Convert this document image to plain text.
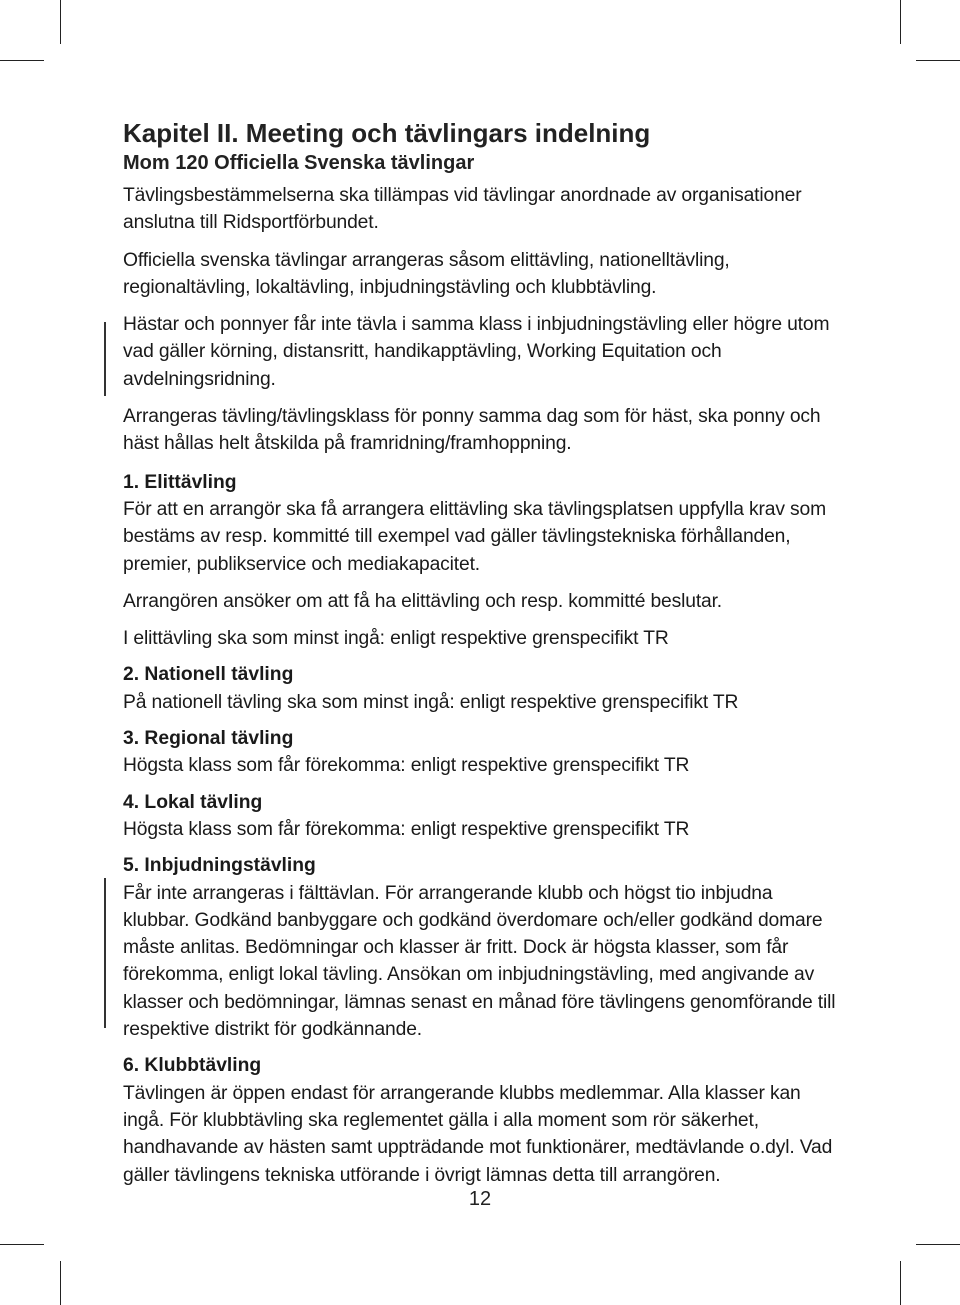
Kapitel II. Meeting och tävlingars indelning
Mom 120 Officiella Svenska tävlingar

Tävlingsbestämmelserna ska tillämpas vid tävlingar anordnade av organisationer anslutna till Ridsportförbundet.

Officiella svenska tävlingar arrangeras såsom elittävling, nationelltävling, regionaltävling, lokaltävling, inbjudningstävling och klubbtävling.

Hästar och ponnyer får inte tävla i samma klass i inbjudningstävling eller högre utom vad gäller körning, distansritt, handikapptävling, Working Equitation och avdelningsridning.

Arrangeras tävling/tävlingsklass för ponny samma dag som för häst, ska ponny och häst hållas helt åtskilda på framridning/framhoppning.

1. Elittävling

För att en arrangör ska få arrangera elittävling ska tävlingsplatsen uppfylla krav som bestäms av resp. kommitté till exempel vad gäller tävlingstekniska förhållanden, premier, publikservice och mediakapacitet.

Arrangören ansöker om att få ha elittävling och resp. kommitté beslutar.

I elittävling ska som minst ingå: enligt respektive grenspecifikt TR

2. Nationell tävling

På nationell tävling ska som minst ingå: enligt respektive grenspecifikt TR

3. Regional tävling

Högsta klass som får förekomma: enligt respektive grenspecifikt TR

4. Lokal tävling

Högsta klass som får förekomma: enligt respektive grenspecifikt TR

5. Inbjudningstävling

Får inte arrangeras i fälttävlan. För arrangerande klubb och högst tio inbjudna klubbar. Godkänd banbyggare och godkänd överdomare och/eller godkänd domare måste anlitas. Bedömningar och klasser är fritt. Dock är högsta klasser, som får förekomma, enligt lokal tävling. Ansökan om inbjudningstävling, med angivande av klasser och bedömningar, lämnas senast en månad före tävlingens genomförande till respektive distrikt för godkännande.

6. Klubbtävling

Tävlingen är öppen endast för arrangerande klubbs medlemmar. Alla klasser kan ingå. För klubbtävling ska reglementet gälla i alla moment som rör säkerhet, handhavande av hästen samt uppträdande mot funktionärer, medtävlande o.dyl. Vad gäller tävlingens tekniska utförande i övrigt lämnas detta till arrangören.

12
